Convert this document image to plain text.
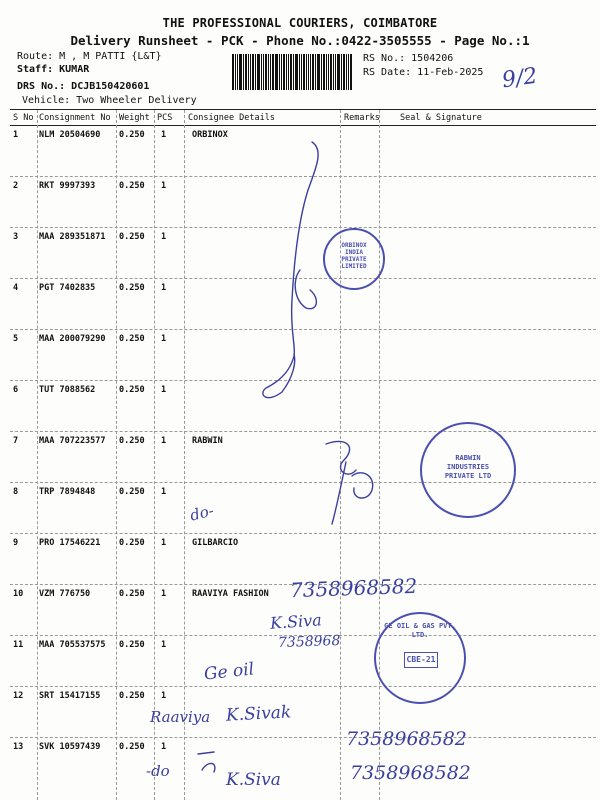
THE PROFESSIONAL COURIERS, COIMBATORE
Delivery Runsheet - PCK - Phone No.:0422-3505555 - Page No.:1
Route: M , M PATTI {L&T}
Staff: KUMAR
DRS No.: DCJB150420601
Vehicle: Two Wheeler Delivery
RS No.: 1504206
RS Date: 11-Feb-2025
S No Consignment No Weight PCS Consignee Details	Remarks Seal & Signature
1 NLM 20504690 0.250 1	ORBINOX
2 RKT 9997393	0.250 1
3 MAA 289351871 0.250 1
4 PGT 7402835	0.250 1
5 MAA 200079290 0.250 1
6 TUT 7088562	0.250 1
7 MAA 707223577 0.250 1	RABWIN
8 TRP 7894848	0.250 1
9 PRO 17546221 0.250 1	GILBARCIO
10 VZM 776750	0.250 1	RAAVIYA FASHION
11 MAA 705537575 0.250 1
12 SRT 15417155 0.250 1
13 SVK 10597439 0.250 1
ORBINOX INDIA PRIVATE LIMITED
RABWIN INDUSTRIES PRIVATE LTD
GE OIL & GAS PVT. LTD.
CBE-21
9/2
do-
7358968582
K.Siva
7358968
Ge oil
Raaviya K.Sivak
7358968582
-do	K.Siva	7358968582
